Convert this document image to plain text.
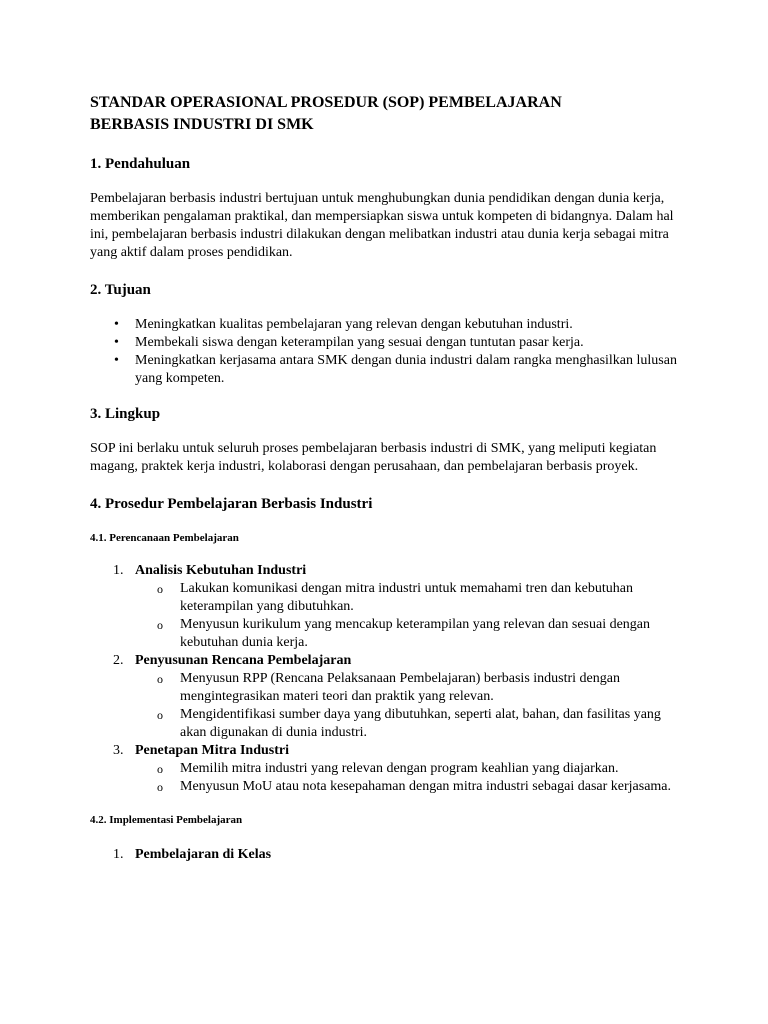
STANDAR OPERASIONAL PROSEDUR (SOP) PEMBELAJARAN
BERBASIS INDUSTRI DI SMK
1. Pendahuluan

Pembelajaran berbasis industri bertujuan untuk menghubungkan dunia pendidikan dengan dunia kerja, memberikan pengalaman praktikal, dan mempersiapkan siswa untuk kompeten di bidangnya. Dalam hal ini, pembelajaran berbasis industri dilakukan dengan melibatkan industri atau dunia kerja sebagai mitra yang aktif dalam proses pendidikan.

2. Tujuan
• Meningkatkan kualitas pembelajaran yang relevan dengan kebutuhan industri.
• Membekali siswa dengan keterampilan yang sesuai dengan tuntutan pasar kerja.
• Meningkatkan kerjasama antara SMK dengan dunia industri dalam rangka menghasilkan lulusan yang kompeten.
3. Lingkup

SOP ini berlaku untuk seluruh proses pembelajaran berbasis industri di SMK, yang meliputi kegiatan magang, praktek kerja industri, kolaborasi dengan perusahaan, dan pembelajaran berbasis proyek.

4. Prosedur Pembelajaran Berbasis Industri
4.1. Perencanaan Pembelajaran
1. Analisis Kebutuhan Industri
o Lakukan komunikasi dengan mitra industri untuk memahami tren dan kebutuhan keterampilan yang dibutuhkan.
o Menyusun kurikulum yang mencakup keterampilan yang relevan dan sesuai dengan kebutuhan dunia kerja.
2. Penyusunan Rencana Pembelajaran
o Menyusun RPP (Rencana Pelaksanaan Pembelajaran) berbasis industri dengan mengintegrasikan materi teori dan praktik yang relevan.
o Mengidentifikasi sumber daya yang dibutuhkan, seperti alat, bahan, dan fasilitas yang akan digunakan di dunia industri.
3. Penetapan Mitra Industri
o Memilih mitra industri yang relevan dengan program keahlian yang diajarkan.
o Menyusun MoU atau nota kesepahaman dengan mitra industri sebagai dasar kerjasama.
4.2. Implementasi Pembelajaran
1. Pembelajaran di Kelas
